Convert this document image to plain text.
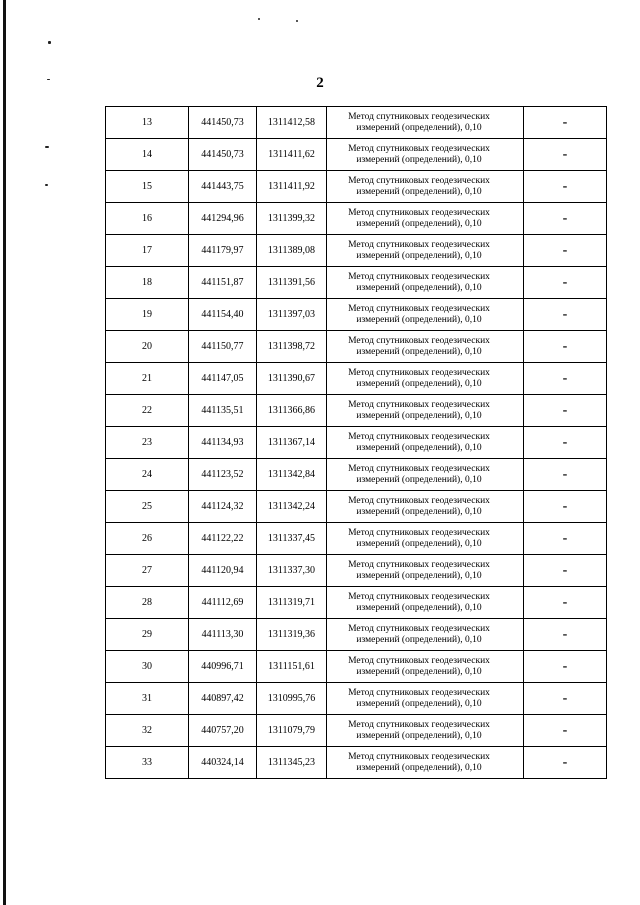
2

13	441450,73	1311412,58	Метод спутниковых геодезических
измерений (определений), 0,10	-
14	441450,73	1311411,62	Метод спутниковых геодезических
измерений (определений), 0,10	-
15	441443,75	1311411,92	Метод спутниковых геодезических
измерений (определений), 0,10	-
16	441294,96	1311399,32	Метод спутниковых геодезических
измерений (определений), 0,10	-
17	441179,97	1311389,08	Метод спутниковых геодезических
измерений (определений), 0,10	-
18	441151,87	1311391,56	Метод спутниковых геодезических
измерений (определений), 0,10	-
19	441154,40	1311397,03	Метод спутниковых геодезических
измерений (определений), 0,10	-
20	441150,77	1311398,72	Метод спутниковых геодезических
измерений (определений), 0,10	-
21	441147,05	1311390,67	Метод спутниковых геодезических
измерений (определений), 0,10	-
22	441135,51	1311366,86	Метод спутниковых геодезических
измерений (определений), 0,10	-
23	441134,93	1311367,14	Метод спутниковых геодезических
измерений (определений), 0,10	-
24	441123,52	1311342,84	Метод спутниковых геодезических
измерений (определений), 0,10	-
25	441124,32	1311342,24	Метод спутниковых геодезических
измерений (определений), 0,10	-
26	441122,22	1311337,45	Метод спутниковых геодезических
измерений (определений), 0,10	-
27	441120,94	1311337,30	Метод спутниковых геодезических
измерений (определений), 0,10	-
28	441112,69	1311319,71	Метод спутниковых геодезических
измерений (определений), 0,10	-
29	441113,30	1311319,36	Метод спутниковых геодезических
измерений (определений), 0,10	-
30	440996,71	1311151,61	Метод спутниковых геодезических
измерений (определений), 0,10	-
31	440897,42	1310995,76	Метод спутниковых геодезических
измерений (определений), 0,10	-
32	440757,20	1311079,79	Метод спутниковых геодезических
измерений (определений), 0,10	-
33	440324,14	1311345,23	Метод спутниковых геодезических
измерений (определений), 0,10	-
